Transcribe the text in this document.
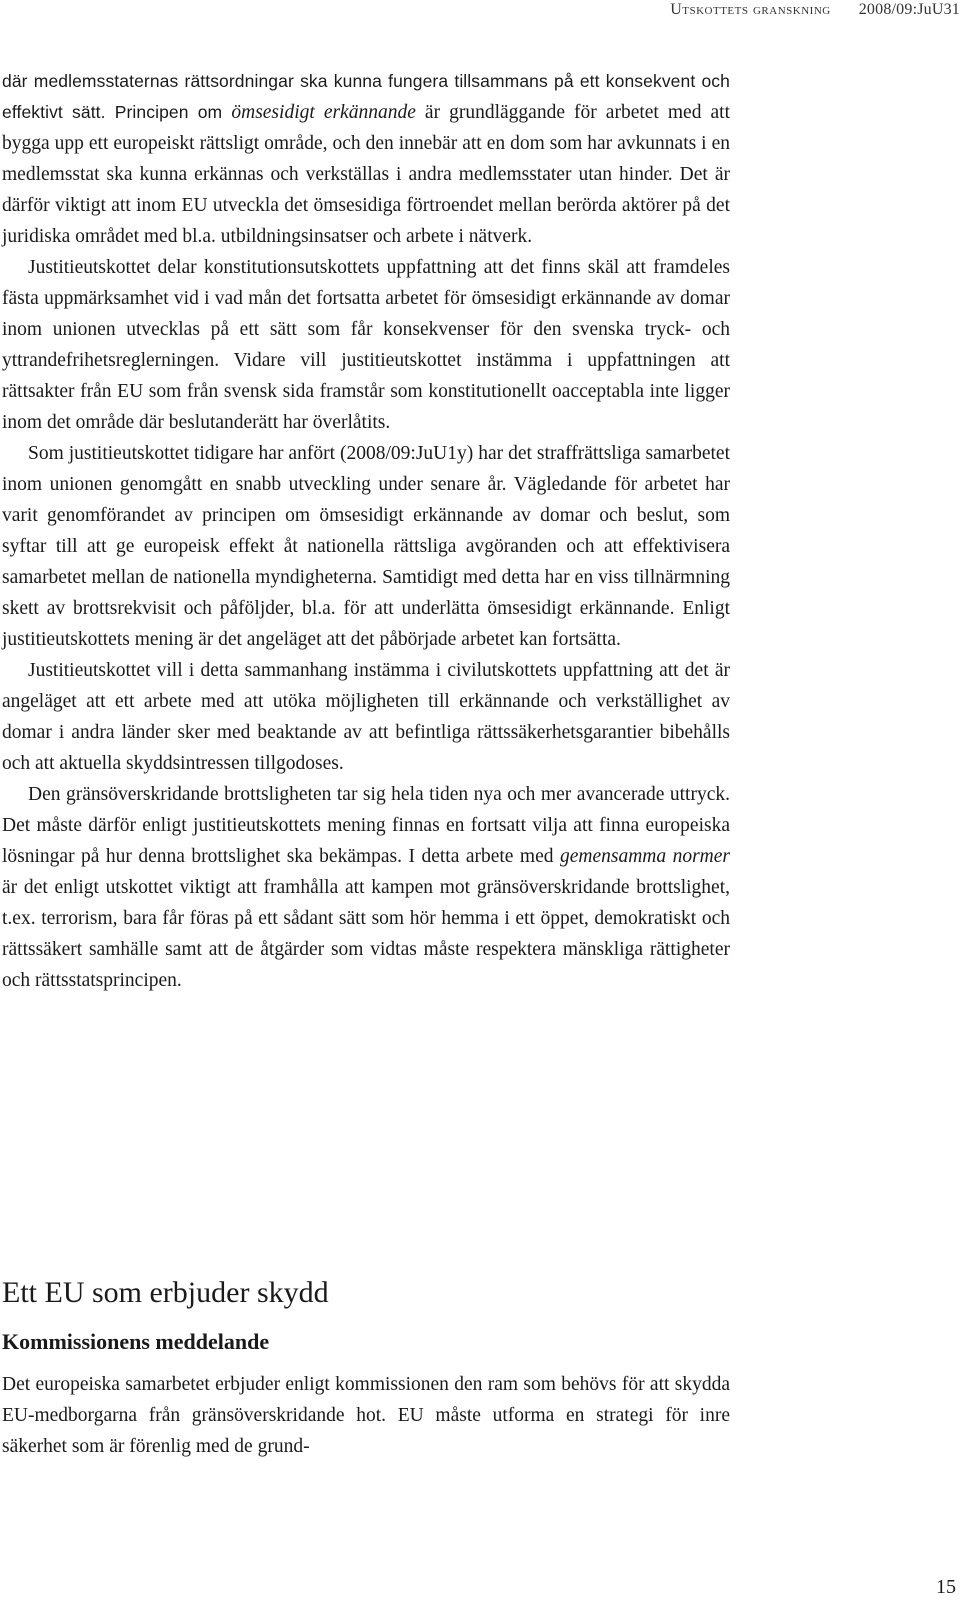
Utskottets granskning 2008/09:JuU31

där medlemsstaternas rättsordningar ska kunna fungera tillsammans på ett konsekvent och effektivt sätt. Principen om ömsesidigt erkännande är grundläggande för arbetet med att bygga upp ett europeiskt rättsligt område, och den innebär att en dom som har avkunnats i en medlemsstat ska kunna erkännas och verkställas i andra medlemsstater utan hinder. Det är därför viktigt att inom EU utveckla det ömsesidiga förtroendet mellan berörda aktörer på det juridiska området med bl.a. utbildningsinsatser och arbete i nätverk.

Justitieutskottet delar konstitutionsutskottets uppfattning att det finns skäl att framdeles fästa uppmärksamhet vid i vad mån det fortsatta arbetet för ömsesidigt erkännande av domar inom unionen utvecklas på ett sätt som får konsekvenser för den svenska tryck- och yttrandefrihetsreglerningen. Vidare vill justitieutskottet instämma i uppfattningen att rättsakter från EU som från svensk sida framstår som konstitutionellt oacceptabla inte ligger inom det område där beslutanderätt har överlåtits.

Som justitieutskottet tidigare har anfört (2008/09:JuU1y) har det straffrättsliga samarbetet inom unionen genomgått en snabb utveckling under senare år. Vägledande för arbetet har varit genomförandet av principen om ömsesidigt erkännande av domar och beslut, som syftar till att ge europeisk effekt åt nationella rättsliga avgöranden och att effektivisera samarbetet mellan de nationella myndigheterna. Samtidigt med detta har en viss tillnärmning skett av brottsrekvisit och påföljder, bl.a. för att underlätta ömsesidigt erkännande. Enligt justitieutskottets mening är det angeläget att det påbörjade arbetet kan fortsätta.

Justitieutskottet vill i detta sammanhang instämma i civilutskottets uppfattning att det är angeläget att ett arbete med att utöka möjligheten till erkännande och verkställighet av domar i andra länder sker med beaktande av att befintliga rättssäkerhetsgarantier bibehålls och att aktuella skyddsintressen tillgodoses.

Den gränsöverskridande brottsligheten tar sig hela tiden nya och mer avancerade uttryck. Det måste därför enligt justitieutskottets mening finnas en fortsatt vilja att finna europeiska lösningar på hur denna brottslighet ska bekämpas. I detta arbete med gemensamma normer är det enligt utskottet viktigt att framhålla att kampen mot gränsöverskridande brottslighet, t.ex. terrorism, bara får föras på ett sådant sätt som hör hemma i ett öppet, demokratiskt och rättssäkert samhälle samt att de åtgärder som vidtas måste respektera mänskliga rättigheter och rättsstatsprincipen.

Ett EU som erbjuder skydd
Kommissionens meddelande

Det europeiska samarbetet erbjuder enligt kommissionen den ram som behövs för att skydda EU-medborgarna från gränsöverskridande hot. EU måste utforma en strategi för inre säkerhet som är förenlig med de grund-

15
